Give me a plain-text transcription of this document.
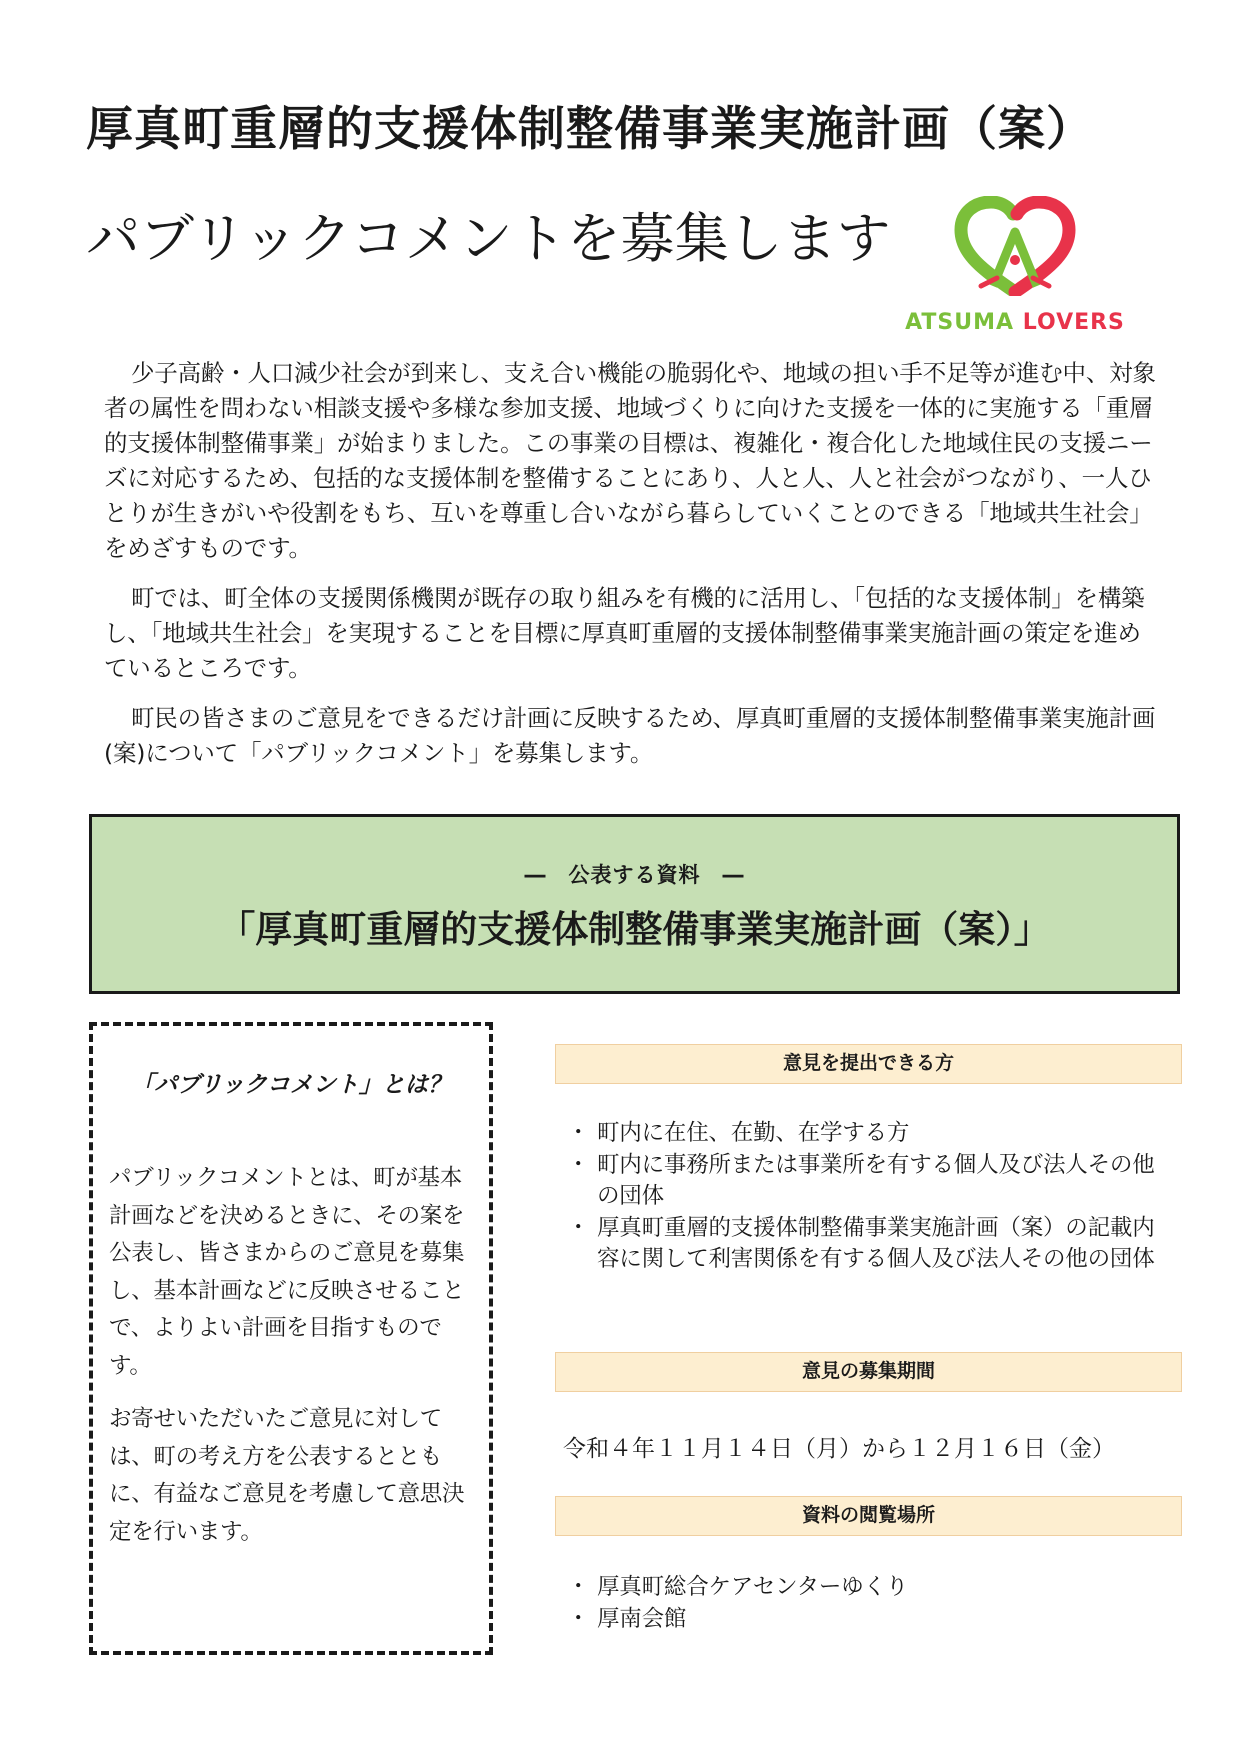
厚真町重層的支援体制整備事業実施計画（案）
パブリックコメントを募集します
ATSUMA LOVERS

少子高齢・人口減少社会が到来し、支え合い機能の脆弱化や、地域の担い手不足等が進む中、対象者の属性を問わない相談支援や多様な参加支援、地域づくりに向けた支援を一体的に実施する「重層的支援体制整備事業」が始まりました。この事業の目標は、複雑化・複合化した地域住民の支援ニーズに対応するため、包括的な支援体制を整備することにあり、人と人、人と社会がつながり、一人ひとりが生きがいや役割をもち、互いを尊重し合いながら暮らしていくことのできる「地域共生社会」をめざすものです。

町では、町全体の支援関係機関が既存の取り組みを有機的に活用し、「包括的な支援体制」を構築し、「地域共生社会」を実現することを目標に厚真町重層的支援体制整備事業実施計画の策定を進めているところです。

町民の皆さまのご意見をできるだけ計画に反映するため、厚真町重層的支援体制整備事業実施計画(案)について「パブリックコメント」を募集します。

―　公表する資料　―
「厚真町重層的支援体制整備事業実施計画（案）」
「パブリックコメント」とは？

パブリックコメントとは、町が基本計画などを決めるときに、その案を公表し、皆さまからのご意見を募集し、基本計画などに反映させることで、よりよい計画を目指すものです。

お寄せいただいたご意見に対しては、町の考え方を公表するとともに、有益なご意見を考慮して意思決定を行います。

意見を提出できる方
・ 町内に在住、在勤、在学する方
・ 町内に事務所または事業所を有する個人及び法人その他の団体
・ 厚真町重層的支援体制整備事業実施計画（案）の記載内容に関して利害関係を有する個人及び法人その他の団体
意見の募集期間
令和４年１１月１４日（月）から１２月１６日（金）
資料の閲覧場所
・ 厚真町総合ケアセンターゆくり
・ 厚南会館
